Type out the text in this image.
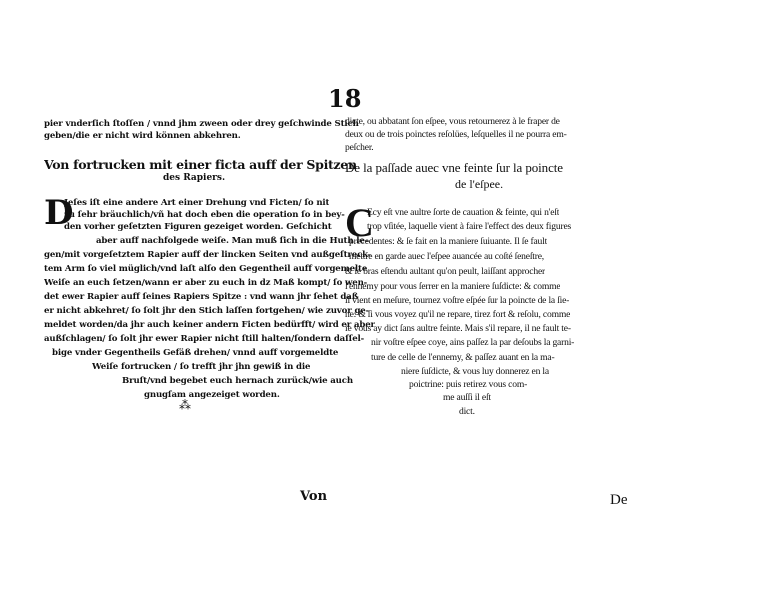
18
pier vnderſich ſtoſſen / vnnd jhm zween oder drey geſchwinde Stich
geben/die er nicht wird können abkehren.
Von fortrucken mit einer ficta auff der Spitzen
des Rapiers.
Jeſes iſt eine andere Art einer Drehung vnd Ficten/ ſo nit
zu ſehr bräuchlich/vñ hat doch eben die operation ſo in bey-
den vorher geſetzten Figuren gezeiget worden. Geſchicht
aber auff nachfolgede weiſe. Man muß ſich in die Huth le-
gen/mit vorgeſetztem Rapier auff der lincken Seiten vnd außgeſtreck-
tem Arm ſo viel müglich/vnd laſt alſo den Gegentheil auff vorgemelte
Weiſe an euch ſetzen/wann er aber zu euch in dz Maß kompt/ ſo wen-
det ewer Rapier auff ſeines Rapiers Spitze : vnd wann jhr ſehet daß
er nicht abkehret/ ſo ſolt jhr den Stich laſſen fortgehen/ wie zuvor ge-
meldet worden/da jhr auch keiner andern Ficten bedürfft/ wird er aber
außſchlagen/ ſo ſolt jhr ewer Rapier nicht ſtill halten/ſondern daſſel-
bige vnder Gegentheils Gefäß drehen/ vnnd auff vorgemeldte
Weiſe fortrucken / ſo trefft jhr jhn gewiß in die
Bruſt/vnd begebet euch hernach zurück/wie auch
gnugſam angezeiget worden.
⁂
D
dicte, ou abbatant ſon eſpee, vous retournerez à le fraper de
deux ou de trois poinctes reſolües, leſquelles il ne pourra em-
peſcher.
De la paſſade auec vne feinte ſur la poincte
de l'eſpee.
Ecy eſt vne aultre ſorte de cauation & feinte, qui n'eſt
trop vſitée, laquelle vient à faire l'effect des deux figures
precedentes: & ſe fait en la maniere ſuiuante. Il ſe fault
mettre en garde auec l'eſpee auancée au coſté ſeneſtre,
& le bras eſtendu aultant qu'on peult, laiſſant approcher
l'ennemy pour vous ſerrer en la maniere ſuſdicte: & comme
il vient en meſure, tournez voſtre eſpée ſur la poincte de la ſie-
ne: & ſi vous voyez qu'il ne repare, tirez fort & reſolu, comme
ie vous ay dict ſans aultre feinte. Mais s'il repare, il ne fault te-
nir voſtre eſpee coye, ains paſſez la par deſoubs la garni-
ture de celle de l'ennemy, & paſſez auant en la ma-
niere ſuſdicte, & vous luy donnerez en la
poictrine: puis retirez vous com-
me auſſi il eſt
dict.
C
Von	De
